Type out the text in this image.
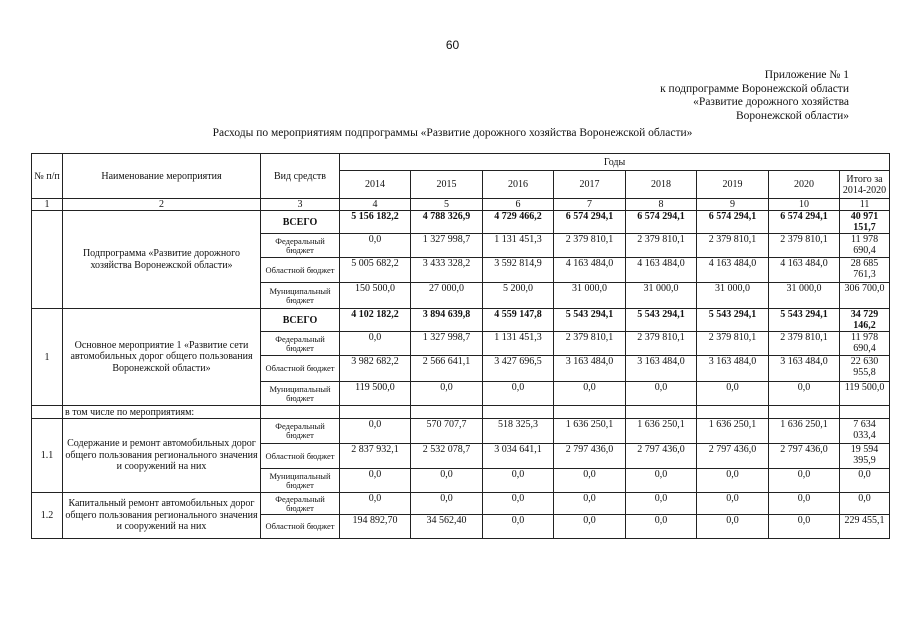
60
Приложение № 1
к подпрограмме Воронежской области
«Развитие дорожного хозяйства
Воронежской области»
Расходы по мероприятиям подпрограммы «Развитие дорожного хозяйства Воронежской области»
№ п/п	Наименование мероприятия	Вид средств	Годы							
			2014	2015	2016	2017	2018	2019	2020	Итого за 2014-2020
1	2	3	4	5	6	7	8	9	10	11
	Подпрограмма «Развитие дорожного хозяйства Воронежской области»	ВСЕГО	5 156 182,2	4 788 326,9	4 729 466,2	6 574 294,1	6 574 294,1	6 574 294,1	6 574 294,1	40 971 151,7
		Федеральный бюджет	0,0	1 327 998,7	1 131 451,3	2 379 810,1	2 379 810,1	2 379 810,1	2 379 810,1	11 978 690,4
		Областной бюджет	5 005 682,2	3 433 328,2	3 592 814,9	4 163 484,0	4 163 484,0	4 163 484,0	4 163 484,0	28 685 761,3
		Муниципальный бюджет	150 500,0	27 000,0	5 200,0	31 000,0	31 000,0	31 000,0	31 000,0	306 700,0
1	Основное мероприятие 1 «Развитие сети автомобильных дорог общего пользования Воронежской области»	ВСЕГО	4 102 182,2	3 894 639,8	4 559 147,8	5 543 294,1	5 543 294,1	5 543 294,1	5 543 294,1	34 729 146,2
		Федеральный бюджет	0,0	1 327 998,7	1 131 451,3	2 379 810,1	2 379 810,1	2 379 810,1	2 379 810,1	11 978 690,4
		Областной бюджет	3 982 682,2	2 566 641,1	3 427 696,5	3 163 484,0	3 163 484,0	3 163 484,0	3 163 484,0	22 630 955,8
		Муниципальный бюджет	119 500,0	0,0	0,0	0,0	0,0	0,0	0,0	119 500,0
	в том числе по мероприятиям:									
1.1	Содержание и ремонт автомобильных дорог общего пользования регионального значения и сооружений на них	Федеральный бюджет	0,0	570 707,7	518 325,3	1 636 250,1	1 636 250,1	1 636 250,1	1 636 250,1	7 634 033,4
		Областной бюджет	2 837 932,1	2 532 078,7	3 034 641,1	2 797 436,0	2 797 436,0	2 797 436,0	2 797 436,0	19 594 395,9
		Муниципальный бюджет	0,0	0,0	0,0	0,0	0,0	0,0	0,0	0,0
1.2	Капитальный ремонт автомобильных дорог общего пользования регионального значения и сооружений на них	Федеральный бюджет	0,0	0,0	0,0	0,0	0,0	0,0	0,0	0,0
		Областной бюджет	194 892,70	34 562,40	0,0	0,0	0,0	0,0	0,0	229 455,1
